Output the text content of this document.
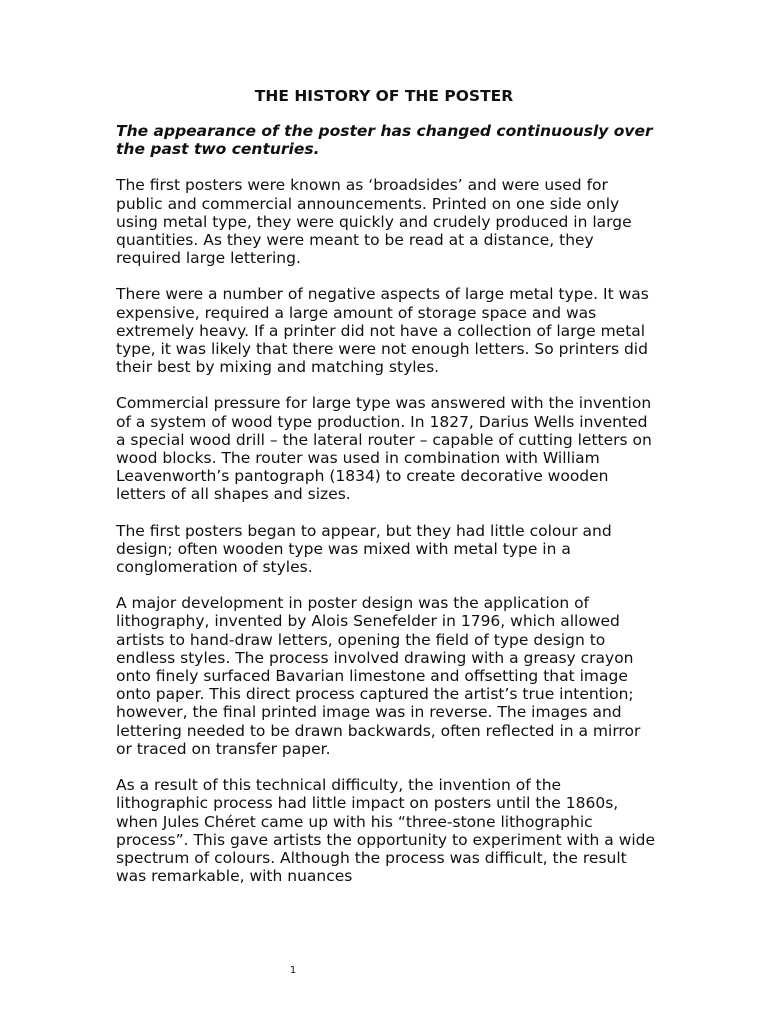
THE HISTORY OF THE POSTER

The appearance of the poster has changed continuously over the past two centuries.

The first posters were known as ‘broadsides’ and were used for public and commercial announcements. Printed on one side only using metal type, they were quickly and crudely produced in large quantities. As they were meant to be read at a distance, they required large lettering.

There were a number of negative aspects of large metal type. It was expensive, required a large amount of storage space and was extremely heavy. If a printer did not have a collection of large metal type, it was likely that there were not enough letters. So printers did their best by mixing and matching styles.

Commercial pressure for large type was answered with the invention of a system of wood type production. In 1827, Darius Wells invented a special wood drill – the lateral router – capable of cutting letters on wood blocks. The router was used in combination with William Leavenworth’s pantograph (1834) to create decorative wooden letters of all shapes and sizes.

The first posters began to appear, but they had little colour and design; often wooden type was mixed with metal type in a conglomeration of styles.

A major development in poster design was the application of lithography, invented by Alois Senefelder in 1796, which allowed artists to hand-draw letters, opening the field of type design to endless styles. The process involved drawing with a greasy crayon onto finely surfaced Bavarian limestone and offsetting that image onto paper. This direct process captured the artist’s true intention; however, the final printed image was in reverse. The images and lettering needed to be drawn backwards, often reflected in a mirror or traced on transfer paper.

As a result of this technical difficulty, the invention of the lithographic process had little impact on posters until the 1860s, when Jules Chéret came up with his “three-stone lithographic process”. This gave artists the opportunity to experiment with a wide spectrum of colours. Although the process was difficult, the result was remarkable, with nuances

1
